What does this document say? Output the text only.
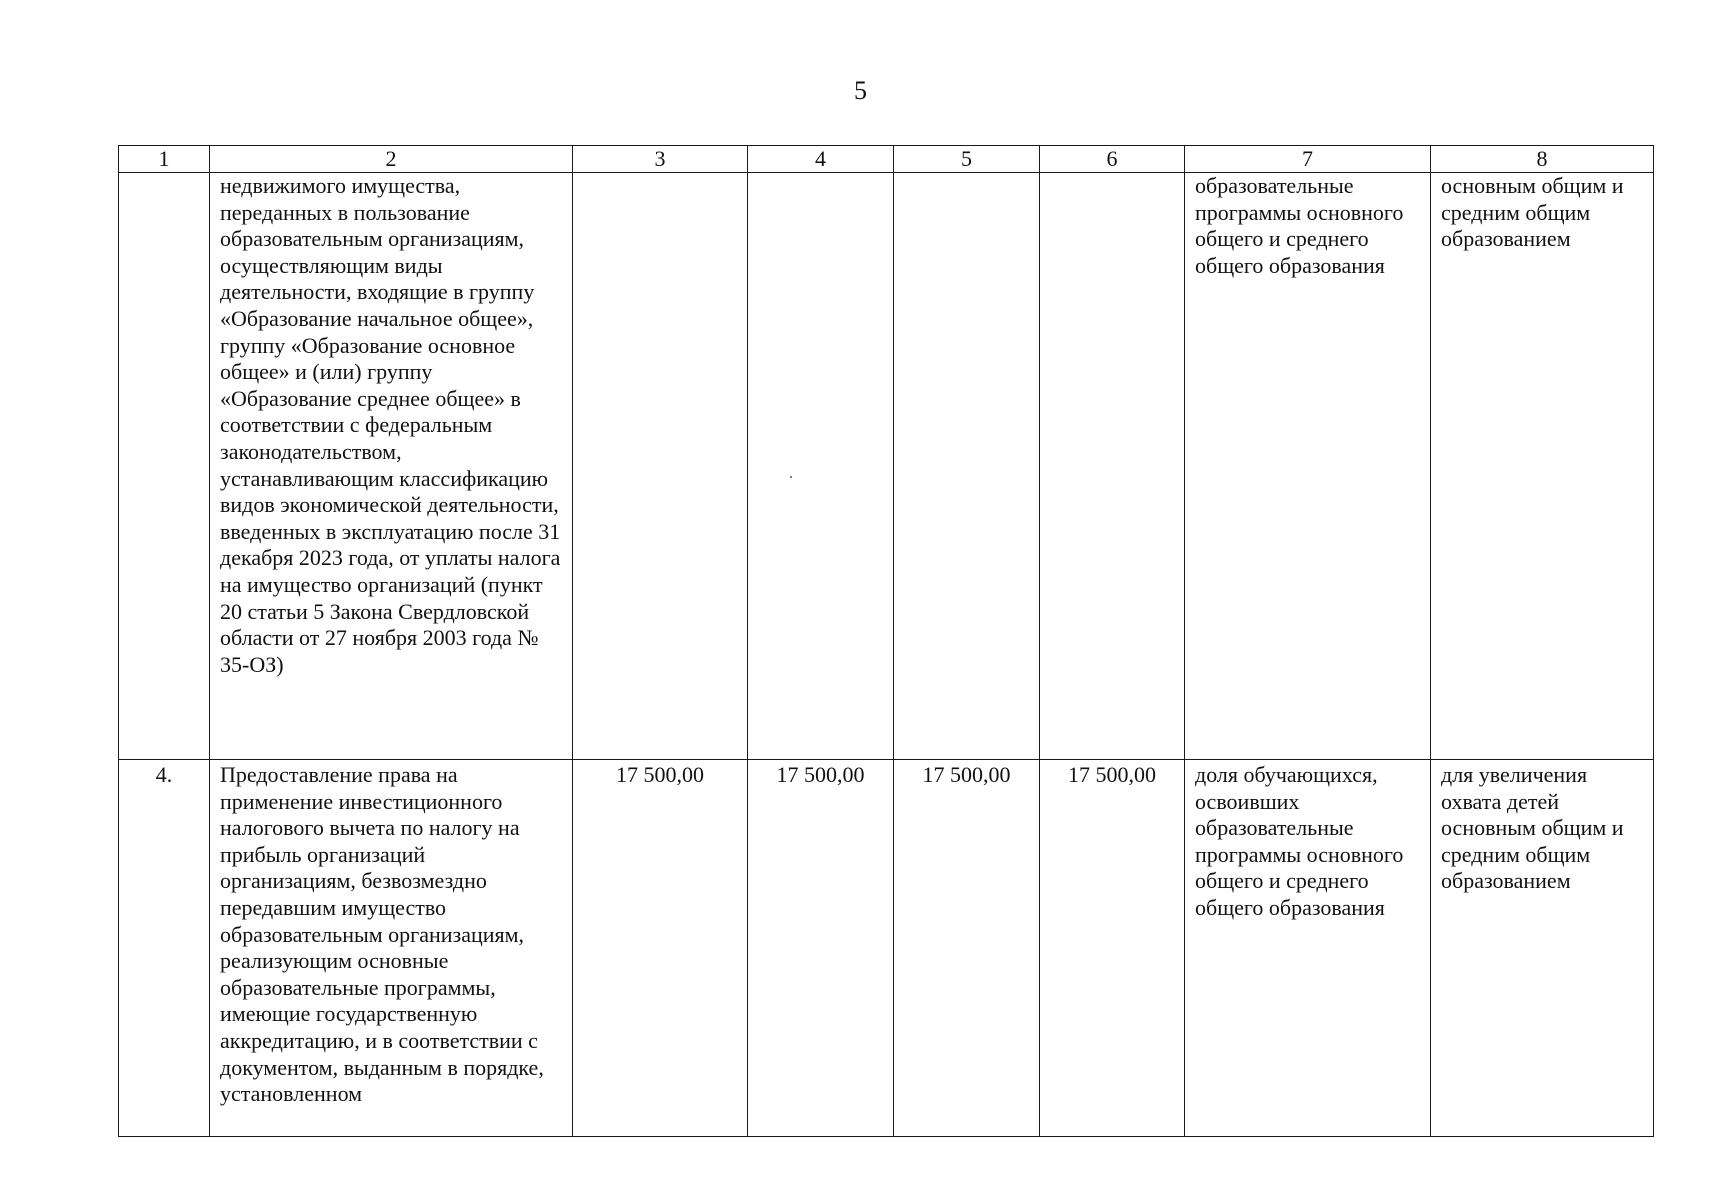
5
1	2	3	4	5	6	7	8
	недвижимого имущества, переданных в пользование образовательным организациям, осуществляющим виды деятельности, входящие в группу «Образование начальное общее», группу «Образование основное общее» и (или) группу «Образование среднее общее» в соответствии с федеральным законодательством, устанавливающим классификацию видов экономической деятельности, введенных в эксплуатацию после 31 декабря 2023 года, от уплаты налога на имущество организаций (пункт 20 статьи 5 Закона Свердловской области от 27 ноября 2003 года № 35-ОЗ)					образовательные программы основного общего и среднего общего образования	основным общим и средним общим образованием
4.	Предоставление права на применение инвестиционного налогового вычета по налогу на прибыль организаций организациям, безвозмездно передавшим имущество образовательным организациям, реализующим основные образовательные программы, имеющие государственную аккредитацию, и в соответствии с документом, выданным в порядке, установленном	17 500,00	17 500,00	17 500,00	17 500,00	доля обучающихся, освоивших образовательные программы основного общего и среднего общего образования	для увеличения охвата детей основным общим и средним общим образованием
